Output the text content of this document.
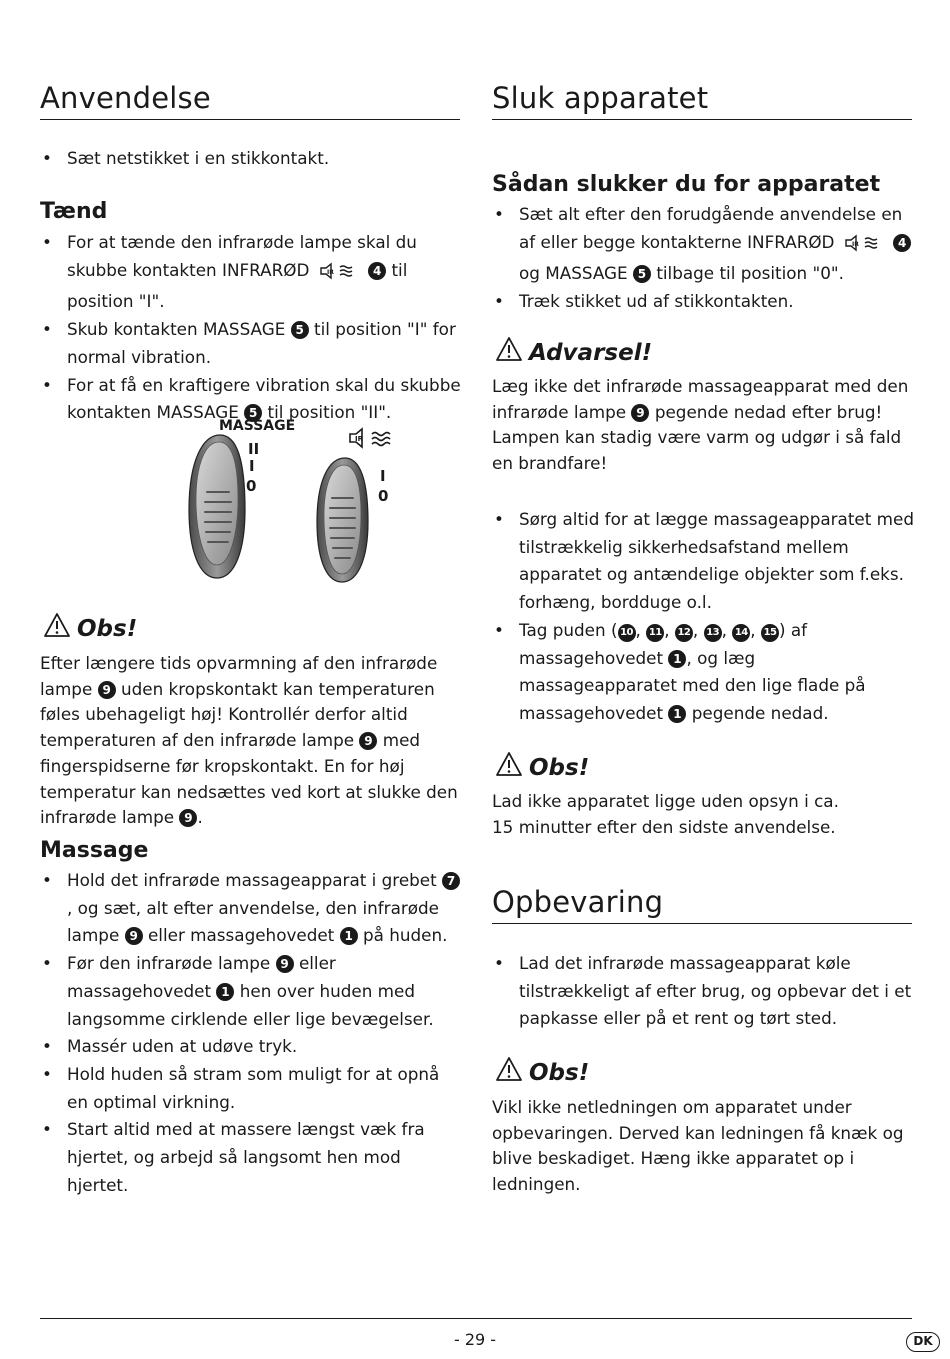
Anvendelse
• Sæt netstikket i en stikkontakt.
Tænd
• For at tænde den infrarøde lampe skal du skubbe kontakten INFRARØD	IR	4 til position "I".
• Skub kontakten MASSAGE 5 til position "I" for normal vibration.
• For at få en kraftigere vibration skal du skubbe kontakten MASSAGE 5 til position "II".
MASSAGE
II
I
0
IR
I
0
Obs!
Efter længere tids opvarmning af den infrarøde lampe 9 uden kropskontakt kan temperaturen føles ubehageligt høj! Kontrollér derfor altid temperaturen af den infrarøde lampe 9 med fingerspidserne før kropskontakt. En for høj temperatur kan nedsættes ved kort at slukke den infrarøde lampe 9 .
Massage
• Hold det infrarøde massageapparat i grebet 7, og sæt, alt efter anvendelse, den infrarøde lampe 9 eller massagehovedet 1 på huden.
• Før den infrarøde lampe 9 eller massagehovedet 1 hen over huden med langsomme cirklende eller lige bevægelser.
• Massér uden at udøve tryk.
• Hold huden så stram som muligt for at opnå en optimal virkning.
• Start altid med at massere længst væk fra hjertet, og arbejd så langsomt hen mod hjertet.
Sluk apparatet
Sådan slukker du for apparatet
• Sæt alt efter den forudgående anvendelse en af eller begge kontakterne INFRARØD	IR	4 og MASSAGE 5 tilbage til position "0".
• Træk stikket ud af stikkontakten.
Advarsel!
Læg ikke det infrarøde massageapparat med den infrarøde lampe 9 pegende nedad efter brug! Lampen kan stadig være varm og udgør i så fald en brandfare!
• Sørg altid for at lægge massageapparatet med tilstrækkelig sikkerhedsafstand mellem apparatet og antændelige objekter som f.eks. forhæng, bordduge o.l.
• Tag puden ( 10 , 11 , 12 , 13 , 14 , 15 ) af massagehovedet 1 , og læg massageapparatet med den lige flade på massagehovedet 1 pegende nedad.
Obs!
Lad ikke apparatet ligge uden opsyn i ca.
15 minutter efter den sidste anvendelse.
Opbevaring
• Lad det infrarøde massageapparat køle tilstrækkeligt af efter brug, og opbevar det i et papkasse eller på et rent og tørt sted.
Obs!
Vikl ikke netledningen om apparatet under opbevaringen. Derved kan ledningen få knæk og blive beskadiget. Hæng ikke apparatet op i ledningen.
- 29 -	DK
